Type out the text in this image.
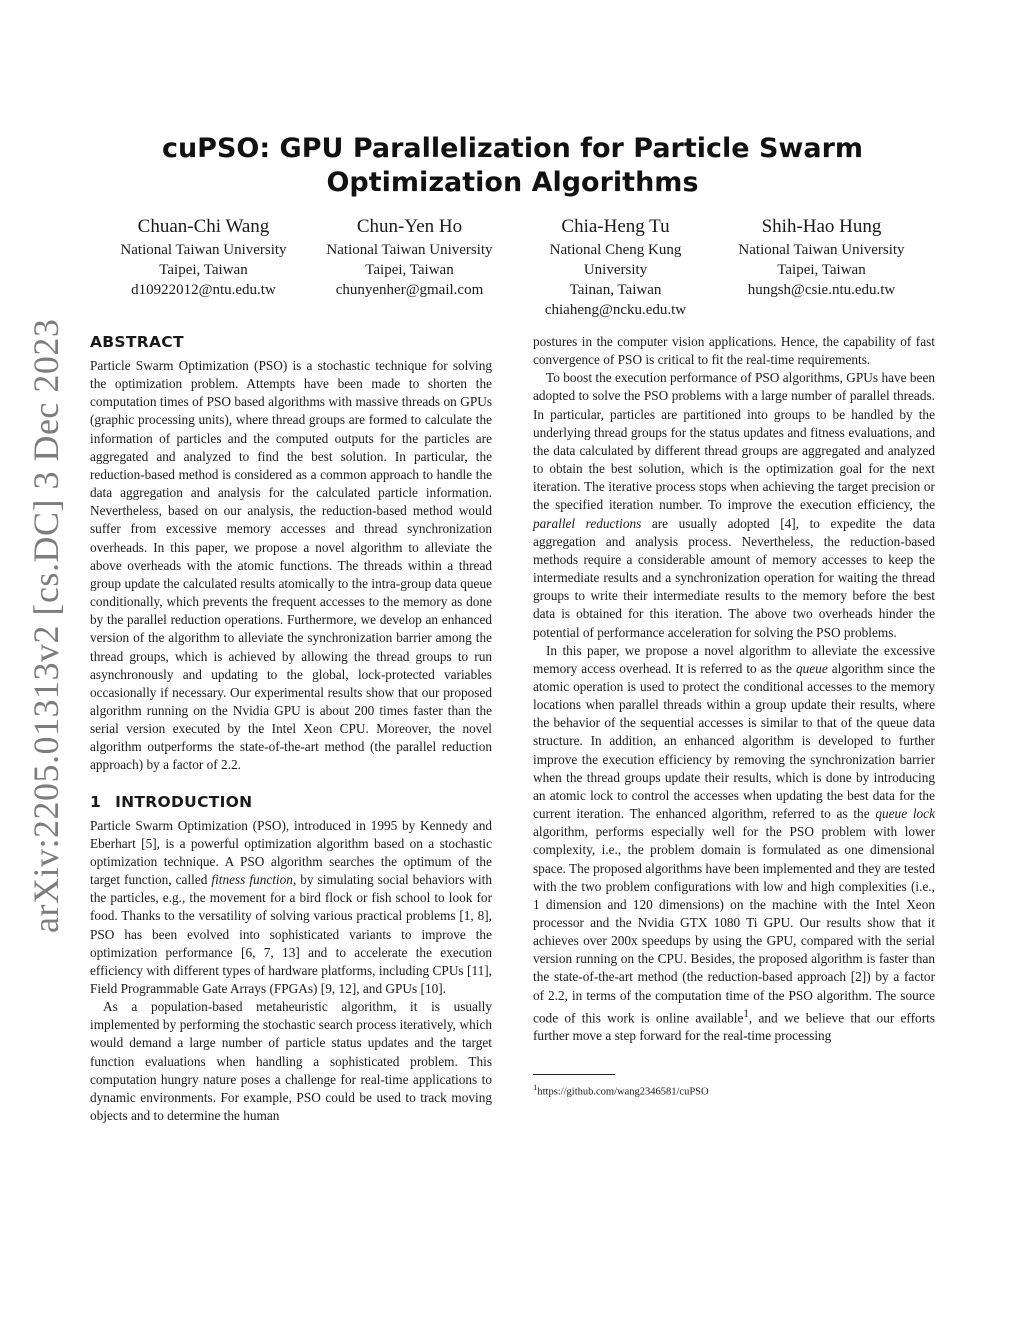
cuPSO: GPU Parallelization for Particle Swarm Optimization Algorithms
Chuan-Chi Wang
National Taiwan University
Taipei, Taiwan
d10922012@ntu.edu.tw
Chun-Yen Ho
National Taiwan University
Taipei, Taiwan
chunyenher@gmail.com
Chia-Heng Tu
National Cheng Kung University
Tainan, Taiwan
chiaheng@ncku.edu.tw
Shih-Hao Hung
National Taiwan University
Taipei, Taiwan
hungsh@csie.ntu.edu.tw
arXiv:2205.01313v2 [cs.DC] 3 Dec 2023 ABSTRACT

Particle Swarm Optimization (PSO) is a stochastic technique for solving the optimization problem. Attempts have been made to shorten the computation times of PSO based algorithms with massive threads on GPUs (graphic processing units), where thread groups are formed to calculate the information of particles and the computed outputs for the particles are aggregated and analyzed to find the best solution. In particular, the reduction-based method is considered as a common approach to handle the data aggregation and analysis for the calculated particle information. Nevertheless, based on our analysis, the reduction-based method would suffer from excessive memory accesses and thread synchronization overheads. In this paper, we propose a novel algorithm to alleviate the above overheads with the atomic functions. The threads within a thread group update the calculated results atomically to the intra-group data queue conditionally, which prevents the frequent accesses to the memory as done by the parallel reduction operations. Furthermore, we develop an enhanced version of the algorithm to alleviate the synchronization barrier among the thread groups, which is achieved by allowing the thread groups to run asynchronously and updating to the global, lock-protected variables occasionally if necessary. Our experimental results show that our proposed algorithm running on the Nvidia GPU is about 200 times faster than the serial version executed by the Intel Xeon CPU. Moreover, the novel algorithm outperforms the state-of-the-art method (the parallel reduction approach) by a factor of 2.2.

1 INTRODUCTION

Particle Swarm Optimization (PSO), introduced in 1995 by Kennedy and Eberhart [5], is a powerful optimization algorithm based on a stochastic optimization technique. A PSO algorithm searches the optimum of the target function, called fitness function, by simulating social behaviors with the particles, e.g., the movement for a bird flock or fish school to look for food. Thanks to the versatility of solving various practical problems [1, 8], PSO has been evolved into sophisticated variants to improve the optimization performance [6, 7, 13] and to accelerate the execution efficiency with different types of hardware platforms, including CPUs [11], Field Programmable Gate Arrays (FPGAs) [9, 12], and GPUs [10].

As a population-based metaheuristic algorithm, it is usually implemented by performing the stochastic search process iteratively, which would demand a large number of particle status updates and the target function evaluations when handling a sophisticated problem. This computation hungry nature poses a challenge for real-time applications to dynamic environments. For example, PSO could be used to track moving objects and to determine the human

postures in the computer vision applications. Hence, the capability of fast convergence of PSO is critical to fit the real-time requirements.

To boost the execution performance of PSO algorithms, GPUs have been adopted to solve the PSO problems with a large number of parallel threads. In particular, particles are partitioned into groups to be handled by the underlying thread groups for the status updates and fitness evaluations, and the data calculated by different thread groups are aggregated and analyzed to obtain the best solution, which is the optimization goal for the next iteration. The iterative process stops when achieving the target precision or the specified iteration number. To improve the execution efficiency, the parallel reductions are usually adopted [4], to expedite the data aggregation and analysis process. Nevertheless, the reduction-based methods require a considerable amount of memory accesses to keep the intermediate results and a synchronization operation for waiting the thread groups to write their intermediate results to the memory before the best data is obtained for this iteration. The above two overheads hinder the potential of performance acceleration for solving the PSO problems.

In this paper, we propose a novel algorithm to alleviate the excessive memory access overhead. It is referred to as the queue algorithm since the atomic operation is used to protect the conditional accesses to the memory locations when parallel threads within a group update their results, where the behavior of the sequential accesses is similar to that of the queue data structure. In addition, an enhanced algorithm is developed to further improve the execution efficiency by removing the synchronization barrier when the thread groups update their results, which is done by introducing an atomic lock to control the accesses when updating the best data for the current iteration. The enhanced algorithm, referred to as the queue lock algorithm, performs especially well for the PSO problem with lower complexity, i.e., the problem domain is formulated as one dimensional space. The proposed algorithms have been implemented and they are tested with the two problem configurations with low and high complexities (i.e., 1 dimension and 120 dimensions) on the machine with the Intel Xeon processor and the Nvidia GTX 1080 Ti GPU. Our results show that it achieves over 200x speedups by using the GPU, compared with the serial version running on the CPU. Besides, the proposed algorithm is faster than the state-of-the-art method (the reduction-based approach [2]) by a factor of 2.2, in terms of the computation time of the PSO algorithm. The source code of this work is online available$^1$, and we believe that our efforts further move a step forward for the real-time processing

$^1$https://github.com/wang2346581/cuPSO
